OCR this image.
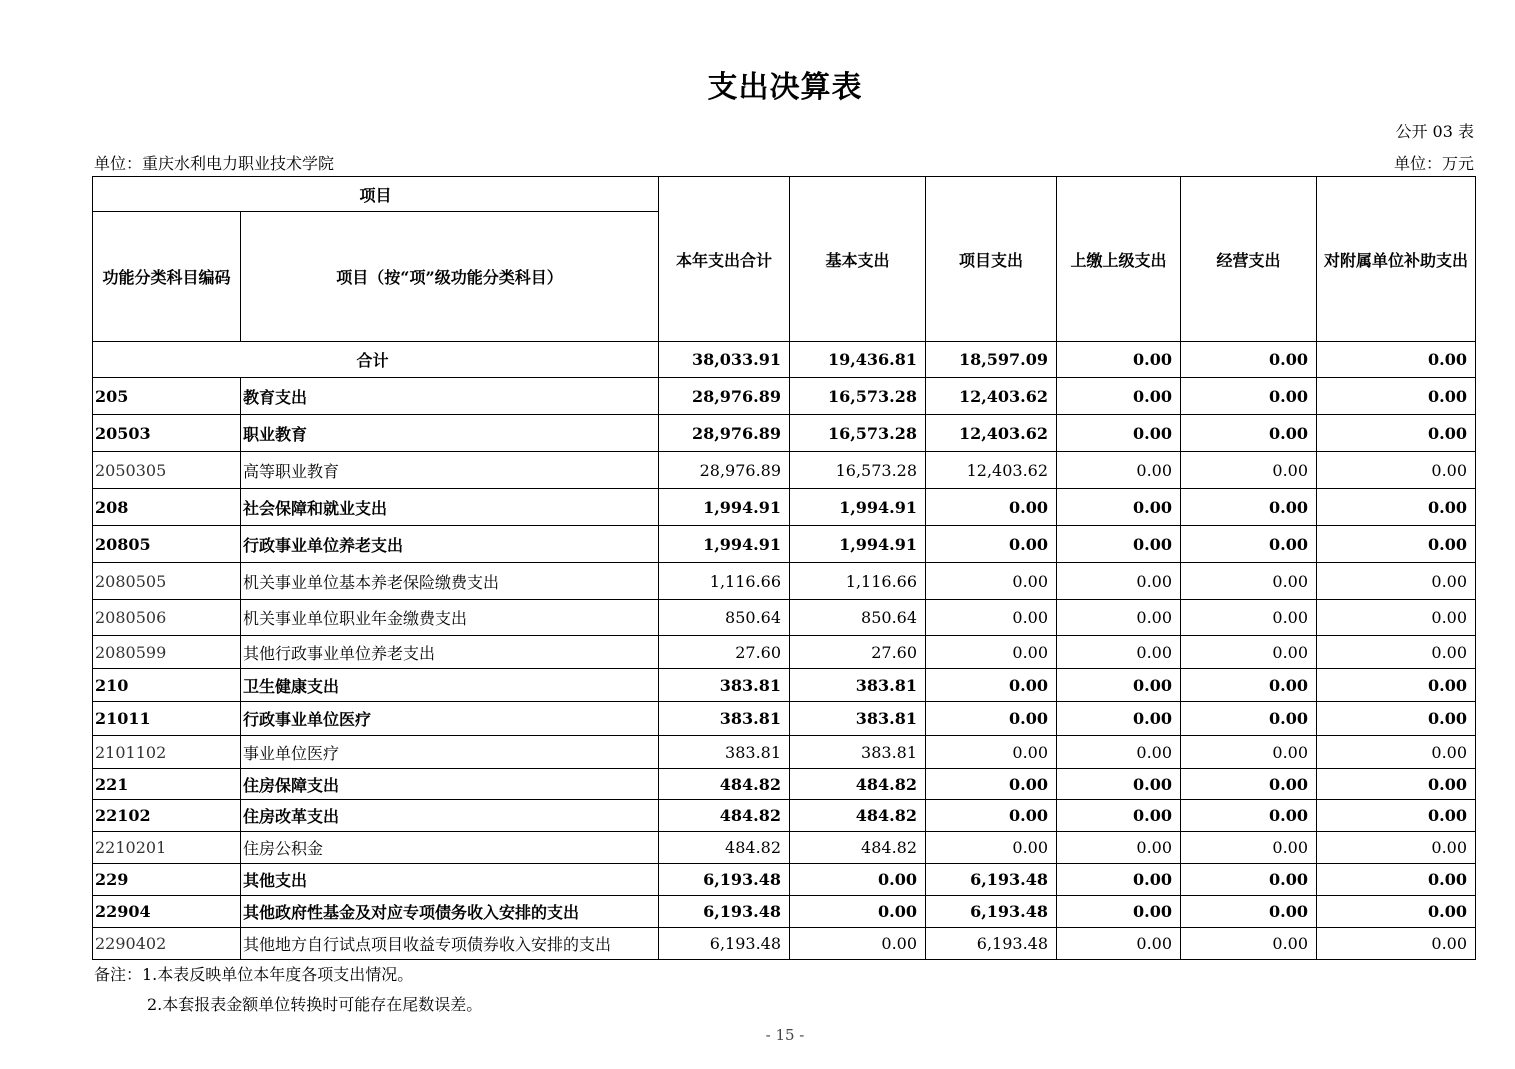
支出决算表
公开 03 表
单位：重庆水利电力职业技术学院	单位：万元
项目		本年支出合计	基本支出	项目支出	上缴上级支出	经营支出	对附属单位补助支出
功能分类科目编码	项目（按“项”级功能分类科目）						
合计		38,033.91	19,436.81	18,597.09	0.00	0.00	0.00
205	教育支出	28,976.89	16,573.28	12,403.62	0.00	0.00	0.00
20503	职业教育	28,976.89	16,573.28	12,403.62	0.00	0.00	0.00
2050305	高等职业教育	28,976.89	16,573.28	12,403.62	0.00	0.00	0.00
208	社会保障和就业支出	1,994.91	1,994.91	0.00	0.00	0.00	0.00
20805	行政事业单位养老支出	1,994.91	1,994.91	0.00	0.00	0.00	0.00
2080505	机关事业单位基本养老保险缴费支出	1,116.66	1,116.66	0.00	0.00	0.00	0.00
2080506	机关事业单位职业年金缴费支出	850.64	850.64	0.00	0.00	0.00	0.00
2080599	其他行政事业单位养老支出	27.60	27.60	0.00	0.00	0.00	0.00
210	卫生健康支出	383.81	383.81	0.00	0.00	0.00	0.00
21011	行政事业单位医疗	383.81	383.81	0.00	0.00	0.00	0.00
2101102	事业单位医疗	383.81	383.81	0.00	0.00	0.00	0.00
221	住房保障支出	484.82	484.82	0.00	0.00	0.00	0.00
22102	住房改革支出	484.82	484.82	0.00	0.00	0.00	0.00
2210201	住房公积金	484.82	484.82	0.00	0.00	0.00	0.00
229	其他支出	6,193.48	0.00	6,193.48	0.00	0.00	0.00
22904	其他政府性基金及对应专项债务收入安排的支出	6,193.48	0.00	6,193.48	0.00	0.00	0.00
2290402	其他地方自行试点项目收益专项债券收入安排的支出	6,193.48	0.00	6,193.48	0.00	0.00	0.00
备注：1.本表反映单位本年度各项支出情况。
2.本套报表金额单位转换时可能存在尾数误差。
- 15 -
